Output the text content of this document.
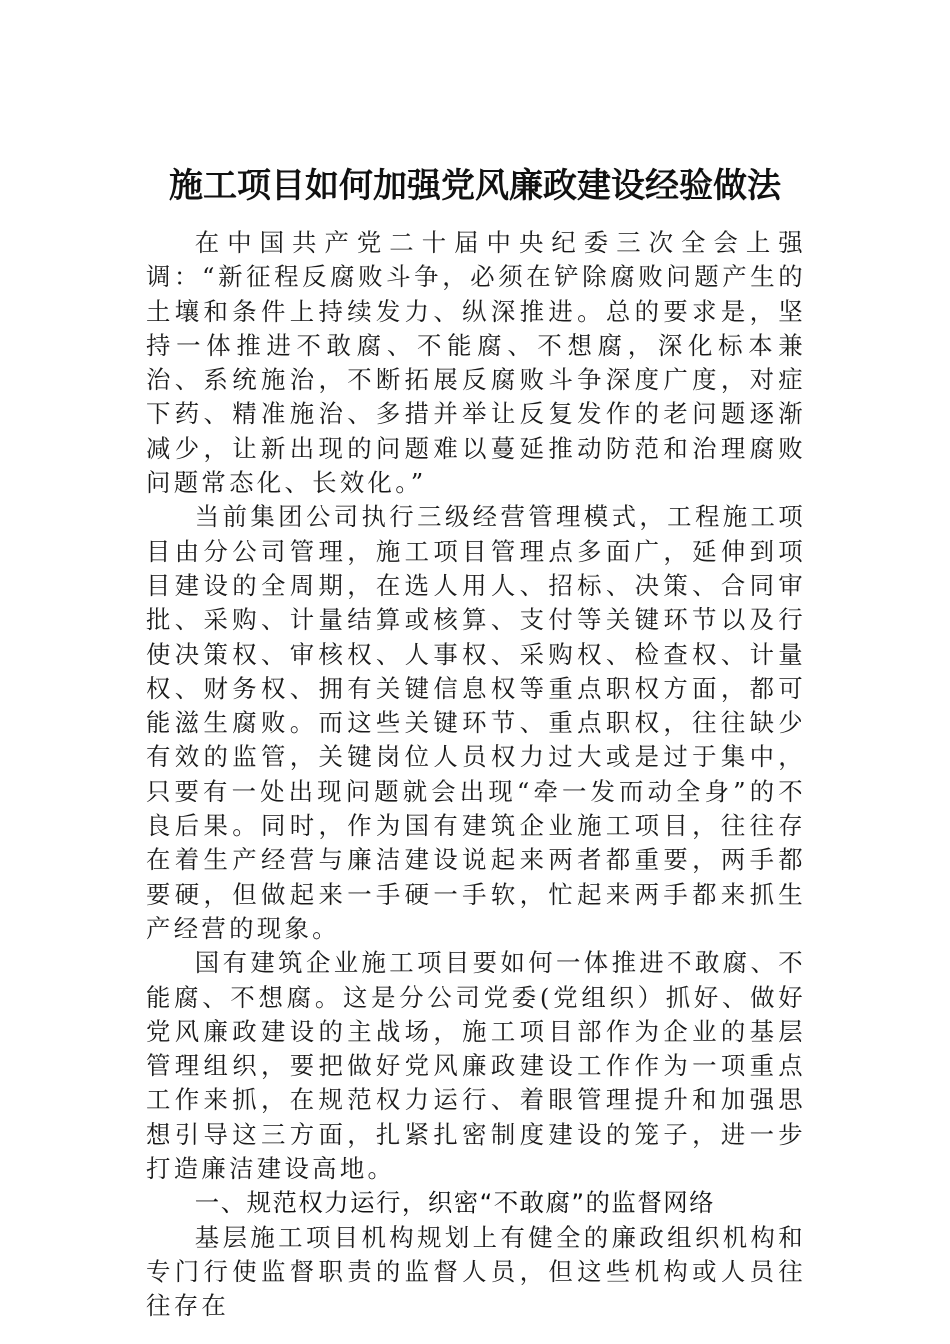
施工项目如何加强党风廉政建设经验做法

在中国共产党二十届中央纪委三次全会上强调：“新征程反腐败斗争，必须在铲除腐败问题产生的土壤和条件上持续发力、纵深推进。总的要求是，坚持一体推进不敢腐、不能腐、不想腐，深化标本兼治、系统施治，不断拓展反腐败斗争深度广度，对症下药、精准施治、多措并举让反复发作的老问题逐渐减少，让新出现的问题难以蔓延推动防范和治理腐败问题常态化、长效化。”

当前集团公司执行三级经营管理模式，工程施工项目由分公司管理，施工项目管理点多面广，延伸到项目建设的全周期，在选人用人、招标、决策、合同审批、采购、计量结算或核算、支付等关键环节以及行使决策权、审核权、人事权、采购权、检查权、计量权、财务权、拥有关键信息权等重点职权方面，都可能滋生腐败。而这些关键环节、重点职权，往往缺少有效的监管，关键岗位人员权力过大或是过于集中，只要有一处出现问题就会出现“牵一发而动全身”的不良后果。同时，作为国有建筑企业施工项目，往往存在着生产经营与廉洁建设说起来两者都重要，两手都要硬，但做起来一手硬一手软，忙起来两手都来抓生产经营的现象。

国有建筑企业施工项目要如何一体推进不敢腐、不能腐、不想腐。这是分公司党委(党组织）抓好、做好党风廉政建设的主战场，施工项目部作为企业的基层管理组织，要把做好党风廉政建设工作作为一项重点工作来抓，在规范权力运行、着眼管理提升和加强思想引导这三方面，扎紧扎密制度建设的笼子，进一步打造廉洁建设高地。

一、规范权力运行，织密“不敢腐”的监督网络

基层施工项目机构规划上有健全的廉政组织机构和专门行使监督职责的监督人员，但这些机构或人员往往存在
